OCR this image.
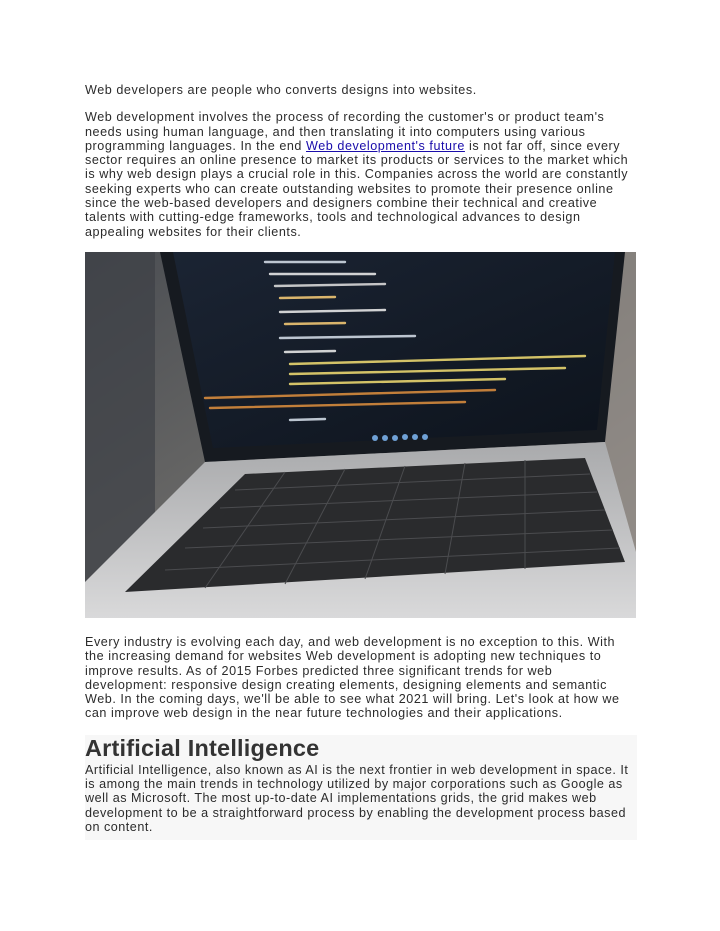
Web developers are people who converts designs into websites.

Web development involves the process of recording the customer's or product team's needs using human language, and then translating it into computers using various programming languages. In the end Web development's future is not far off, since every sector requires an online presence to market its products or services to the market which is why web design plays a crucial role in this. Companies across the world are constantly seeking experts who can create outstanding websites to promote their presence online since the web-based developers and designers combine their technical and creative talents with cutting-edge frameworks, tools and technological advances to design appealing websites for their clients.

Every industry is evolving each day, and web development is no exception to this. With the increasing demand for websites Web development is adopting new techniques to improve results. As of 2015 Forbes predicted three significant trends for web development: responsive design creating elements, designing elements and semantic Web. In the coming days, we'll be able to see what 2021 will bring. Let's look at how we can improve web design in the near future technologies and their applications.

Artificial Intelligence

Artificial Intelligence, also known as AI is the next frontier in web development in space. It is among the main trends in technology utilized by major corporations such as Google as well as Microsoft. The most up-to-date AI implementations grids, the grid makes web development to be a straightforward process by enabling the development process based on content.
